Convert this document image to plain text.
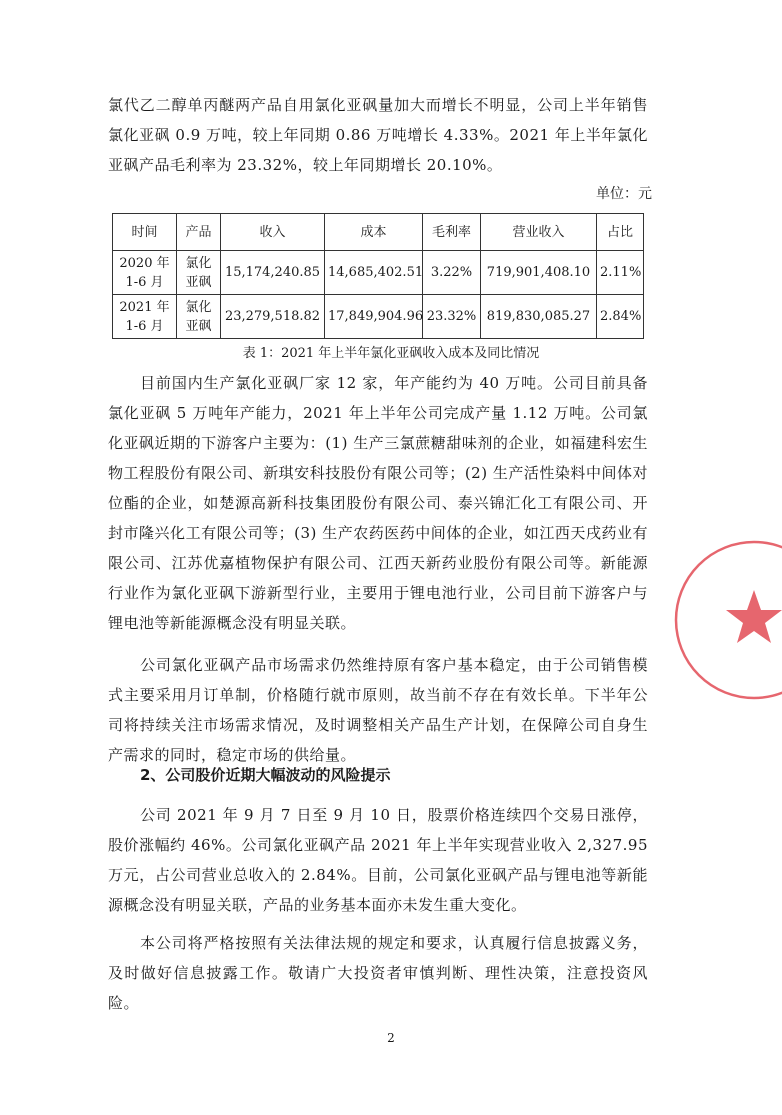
氯代乙二醇单丙醚两产品自用氯化亚砜量加大而增长不明显，公司上半年销售氯化亚砜 0.9 万吨，较上年同期 0.86 万吨增长 4.33%。2021 年上半年氯化亚砜产品毛利率为 23.32%，较上年同期增长 20.10%。

单位：元
时间	产品	收入	成本	毛利率	营业收入	占比
2020 年 1-6 月	氯化亚砜	15,174,240.85	14,685,402.51	3.22%	719,901,408.10	2.11%
2021 年 1-6 月	氯化亚砜	23,279,518.82	17,849,904.96	23.32%	819,830,085.27	2.84%
表 1：2021 年上半年氯化亚砜收入成本及同比情况

目前国内生产氯化亚砜厂家 12 家，年产能约为 40 万吨。公司目前具备氯化亚砜 5 万吨年产能力，2021 年上半年公司完成产量 1.12 万吨。公司氯化亚砜近期的下游客户主要为：(1) 生产三氯蔗糖甜味剂的企业，如福建科宏生物工程股份有限公司、新琪安科技股份有限公司等；(2) 生产活性染料中间体对位酯的企业，如楚源高新科技集团股份有限公司、泰兴锦汇化工有限公司、开封市隆兴化工有限公司等；(3) 生产农药医药中间体的企业，如江西天戌药业有限公司、江苏优嘉植物保护有限公司、江西天新药业股份有限公司等。新能源行业作为氯化亚砜下游新型行业，主要用于锂电池行业，公司目前下游客户与锂电池等新能源概念没有明显关联。

公司氯化亚砜产品市场需求仍然维持原有客户基本稳定，由于公司销售模式主要采用月订单制，价格随行就市原则，故当前不存在有效长单。下半年公司将持续关注市场需求情况，及时调整相关产品生产计划，在保障公司自身生产需求的同时，稳定市场的供给量。

2、公司股价近期大幅波动的风险提示

公司 2021 年 9 月 7 日至 9 月 10 日，股票价格连续四个交易日涨停，股价涨幅约 46%。公司氯化亚砜产品 2021 年上半年实现营业收入 2,327.95 万元，占公司营业总收入的 2.84%。目前，公司氯化亚砜产品与锂电池等新能源概念没有明显关联，产品的业务基本面亦未发生重大变化。

本公司将严格按照有关法律法规的规定和要求，认真履行信息披露义务，及时做好信息披露工作。敬请广大投资者审慎判断、理性决策，注意投资风险。

2
